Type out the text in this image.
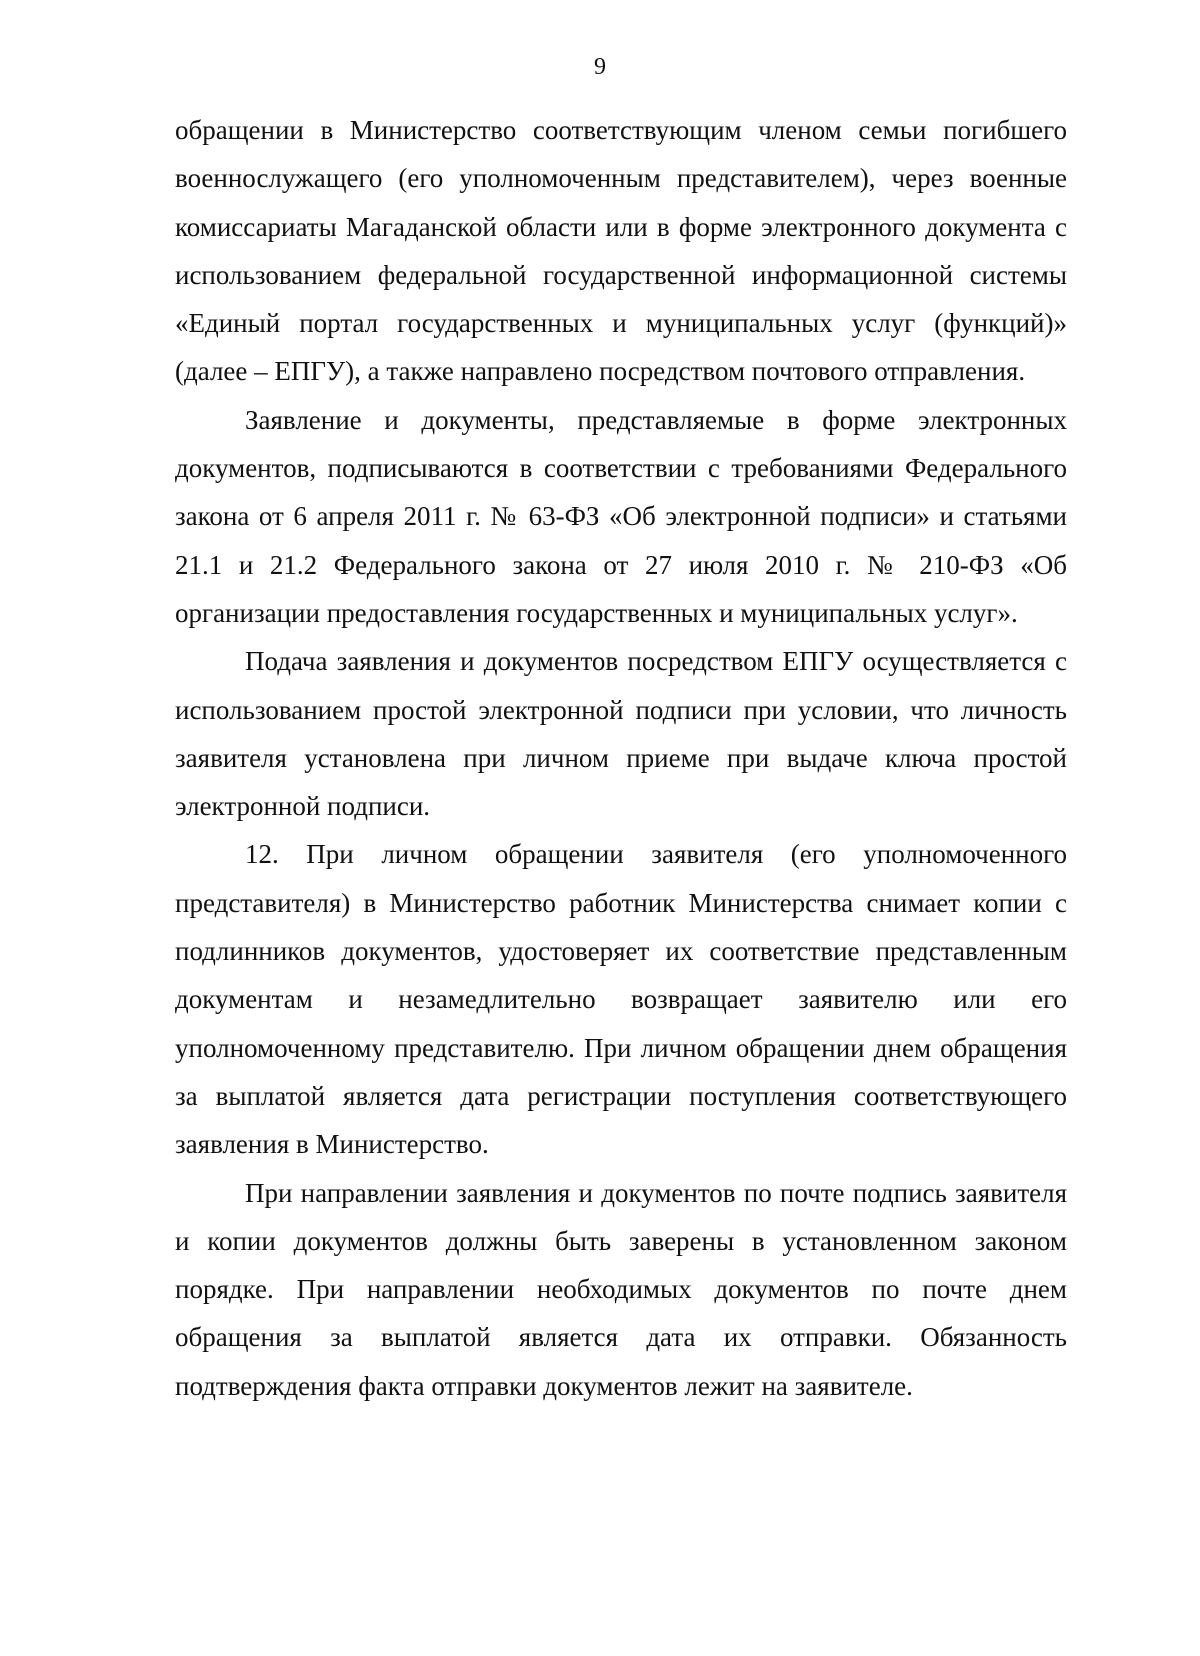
9

обращении в Министерство соответствующим членом семьи погибшего военнослужащего (его уполномоченным представителем), через военные комиссариаты Магаданской области или в форме электронного документа с использованием федеральной государственной информационной системы «Единый портал государственных и муниципальных услуг (функций)» (далее – ЕПГУ), а также направлено посредством почтового отправления.

Заявление и документы, представляемые в форме электронных документов, подписываются в соответствии с требованиями Федерального закона от 6 апреля 2011 г. № 63-ФЗ «Об электронной подписи» и статьями 21.1 и 21.2 Федерального закона от 27 июля 2010 г. № 210-ФЗ «Об организации предоставления государственных и муниципальных услуг».

Подача заявления и документов посредством ЕПГУ осуществляется с использованием простой электронной подписи при условии, что личность заявителя установлена при личном приеме при выдаче ключа простой электронной подписи.

12. При личном обращении заявителя (его уполномоченного представителя) в Министерство работник Министерства снимает копии с подлинников документов, удостоверяет их соответствие представленным документам и незамедлительно возвращает заявителю или его уполномоченному представителю. При личном обращении днем обращения за выплатой является дата регистрации поступления соответствующего заявления в Министерство.

При направлении заявления и документов по почте подпись заявителя и копии документов должны быть заверены в установленном законом порядке. При направлении необходимых документов по почте днем обращения за выплатой является дата их отправки. Обязанность подтверждения факта отправки документов лежит на заявителе.
